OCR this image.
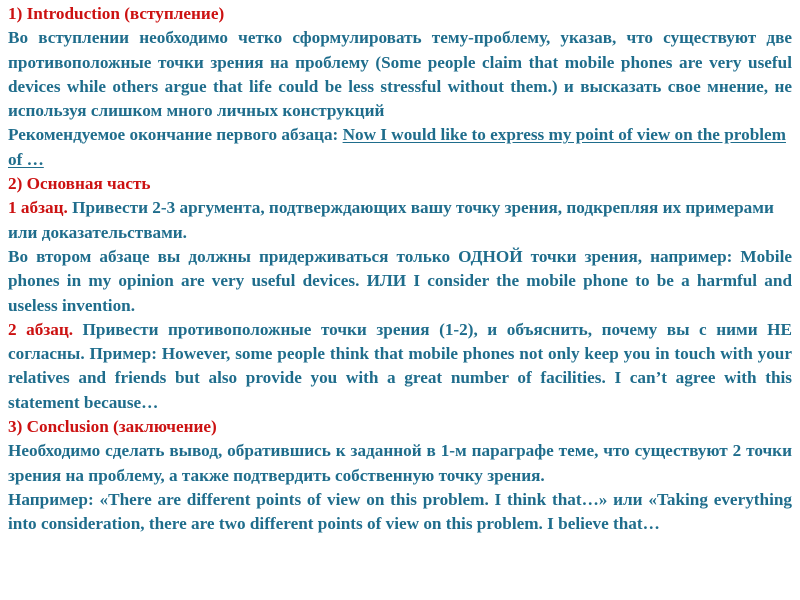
1) Introduction (вступление)

Во вступлении необходимо четко сформулировать тему-проблему, указав, что существуют две противоположные точки зрения на проблему (Some people claim that mobile phones are very useful devices while others argue that life could be less stressful without them.) и высказать свое мнение, не используя слишком много личных конструкций

Рекомендуемое окончание первого абзаца: Now I would like to express my point of view on the problem of …

2) Основная часть

1 абзац. Привести 2-3 аргумента, подтверждающих вашу точку зрения, подкрепляя их примерами или доказательствами.

Во втором абзаце вы должны придерживаться только ОДНОЙ точки зрения, например: Mobile phones in my opinion are very useful devices. ИЛИ I consider the mobile phone to be a harmful and useless invention.

2 абзац. Привести противоположные точки зрения (1-2), и объяснить, почему вы с ними НЕ согласны. Пример: However, some people think that mobile phones not only keep you in touch with your relatives and friends but also provide you with a great number of facilities. I can’t agree with this statement because…

3) Conclusion (заключение)

Необходимо сделать вывод, обратившись к заданной в 1-м параграфе теме, что существуют 2 точки зрения на проблему, а также подтвердить собственную точку зрения.

Например: «There are different points of view on this problem. I think that…» или «Taking everything into consideration, there are two different points of view on this problem. I believe that…
